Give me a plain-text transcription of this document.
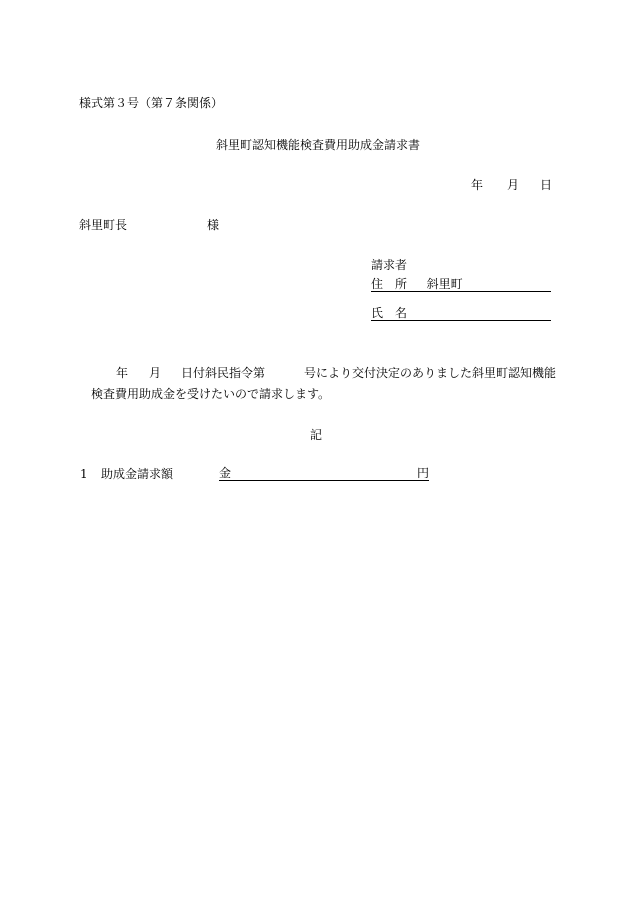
様式第３号（第７条関係）
斜里町認知機能検査費用助成金請求書
年 月 日
斜里町長	様
請求者
住　所 斜里町
氏　名
年 月 日付斜民指令第	号により交付決定のありました斜里町認知機能
検査費用助成金を受けたいので請求します。
記
1 助成金請求額	金	円
